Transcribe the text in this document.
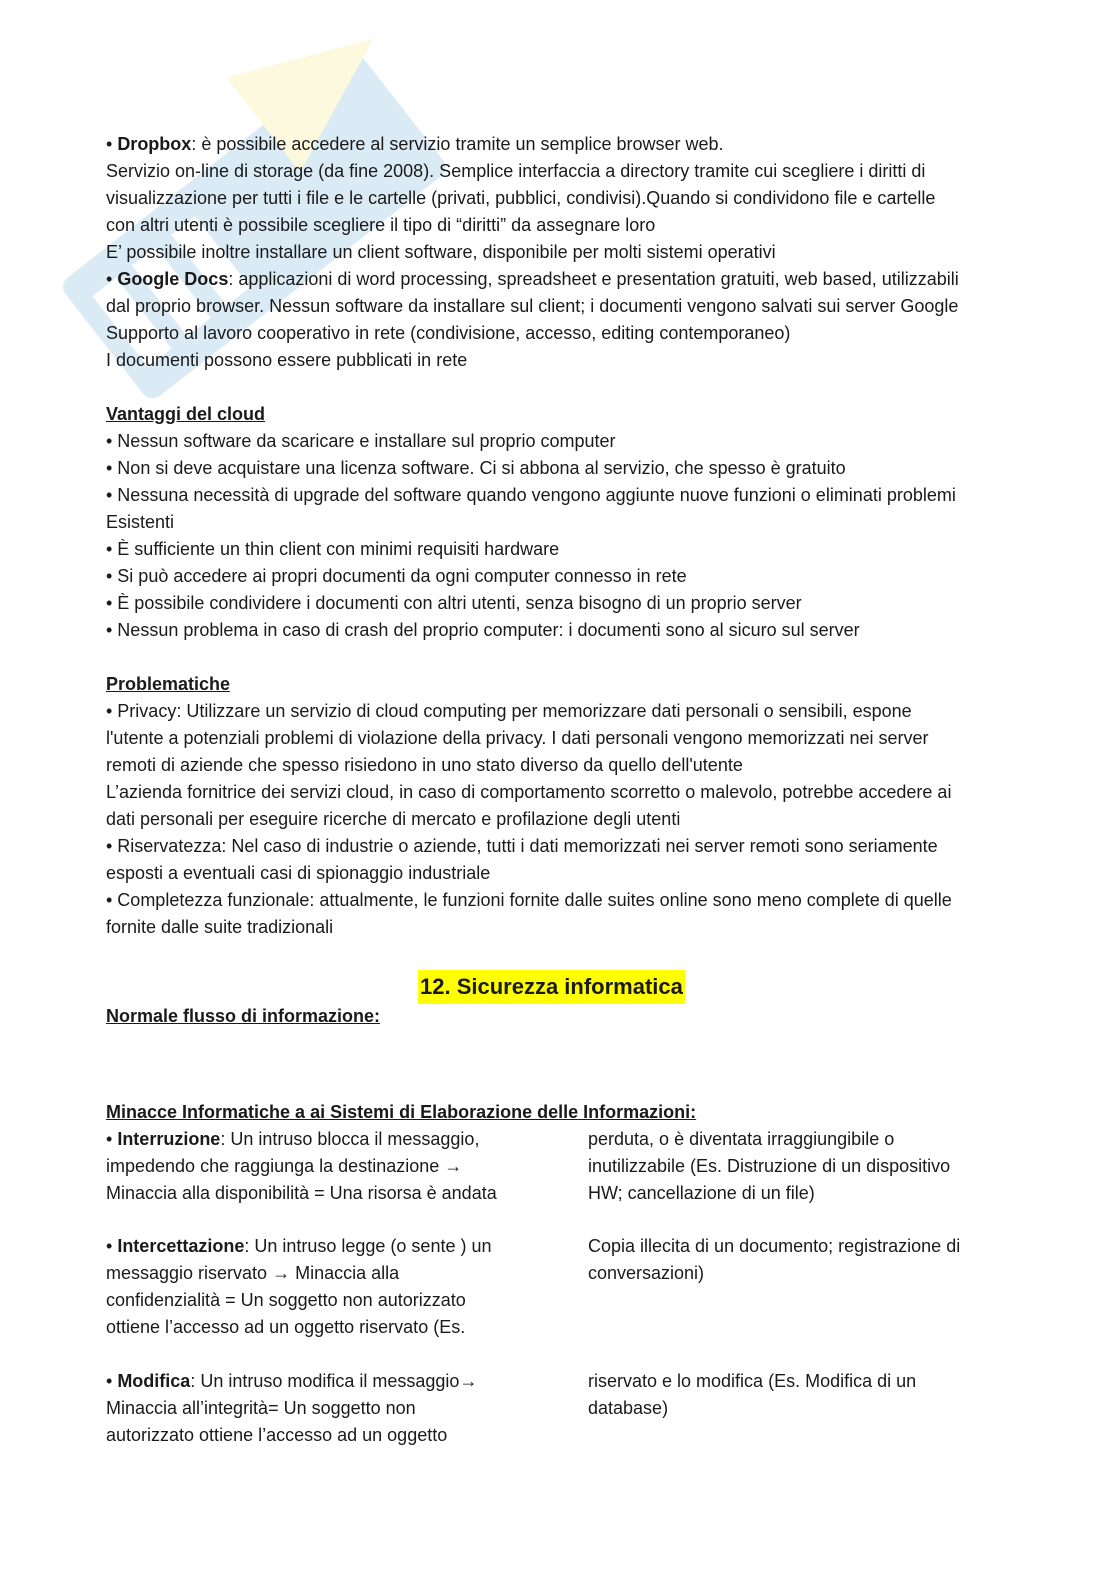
• Dropbox: è possibile accedere al servizio tramite un semplice browser web.
Servizio on-line di storage (da fine 2008). Semplice interfaccia a directory tramite cui scegliere i diritti di
visualizzazione per tutti i file e le cartelle (privati, pubblici, condivisi).Quando si condividono file e cartelle
con altri utenti è possibile scegliere il tipo di “diritti” da assegnare loro
E’ possibile inoltre installare un client software, disponibile per molti sistemi operativi
• Google Docs: applicazioni di word processing, spreadsheet e presentation gratuiti, web based, utilizzabili
dal proprio browser. Nessun software da installare sul client; i documenti vengono salvati sui server Google
Supporto al lavoro cooperativo in rete (condivisione, accesso, editing contemporaneo)
I documenti possono essere pubblicati in rete
Vantaggi del cloud
• Nessun software da scaricare e installare sul proprio computer
• Non si deve acquistare una licenza software. Ci si abbona al servizio, che spesso è gratuito
• Nessuna necessità di upgrade del software quando vengono aggiunte nuove funzioni o eliminati problemi
Esistenti
• È sufficiente un thin client con minimi requisiti hardware
• Si può accedere ai propri documenti da ogni computer connesso in rete
• È possibile condividere i documenti con altri utenti, senza bisogno di un proprio server
• Nessun problema in caso di crash del proprio computer: i documenti sono al sicuro sul server
Problematiche
• Privacy: Utilizzare un servizio di cloud computing per memorizzare dati personali o sensibili, espone
l'utente a potenziali problemi di violazione della privacy. I dati personali vengono memorizzati nei server
remoti di aziende che spesso risiedono in uno stato diverso da quello dell'utente
L’azienda fornitrice dei servizi cloud, in caso di comportamento scorretto o malevolo, potrebbe accedere ai
dati personali per eseguire ricerche di mercato e profilazione degli utenti
• Riservatezza: Nel caso di industrie o aziende, tutti i dati memorizzati nei server remoti sono seriamente
esposti a eventuali casi di spionaggio industriale
• Completezza funzionale: attualmente, le funzioni fornite dalle suites online sono meno complete di quelle
fornite dalle suite tradizionali
12. Sicurezza informatica
Normale flusso di informazione:
Minacce Informatiche a ai Sistemi di Elaborazione delle Informazioni:
• Interruzione: Un intruso blocca il messaggio,
impedendo che raggiunga la destinazione →
Minaccia alla disponibilità = Una risorsa è andata
perduta, o è diventata irraggiungibile o
inutilizzabile (Es. Distruzione di un dispositivo
HW; cancellazione di un file)
• Intercettazione: Un intruso legge (o sente ) un
messaggio riservato → Minaccia alla
confidenzialità = Un soggetto non autorizzato
ottiene l’accesso ad un oggetto riservato (Es.
Copia illecita di un documento; registrazione di
conversazioni)
• Modifica: Un intruso modifica il messaggio→
Minaccia all’integrità= Un soggetto non
autorizzato ottiene l’accesso ad un oggetto
riservato e lo modifica (Es. Modifica di un
database)
